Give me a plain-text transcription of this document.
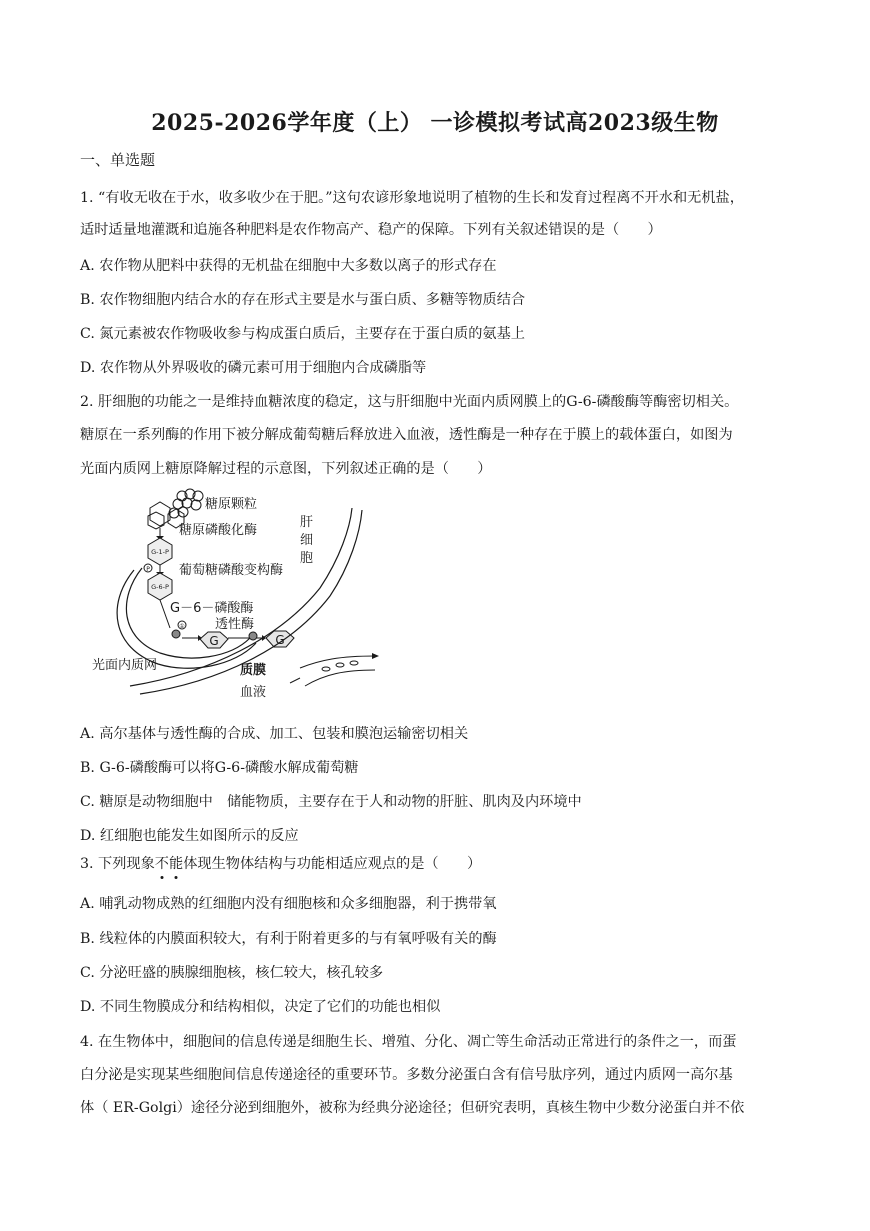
2025-2026学年度（上） 一诊模拟考试高2023级生物
一、单选题
1. “有收无收在于水，收多收少在于肥。”这句农谚形象地说明了植物的生长和发育过程离不开水和无机盐，
适时适量地灌溉和追施各种肥料是农作物高产、稳产的保障。下列有关叙述错误的是（　　）
A. 农作物从肥料中获得的无机盐在细胞中大多数以离子的形式存在
B. 农作物细胞内结合水的存在形式主要是水与蛋白质、多糖等物质结合
C. 氮元素被农作物吸收参与构成蛋白质后，主要存在于蛋白质的氨基上
D. 农作物从外界吸收的磷元素可用于细胞内合成磷脂等
2. 肝细胞的功能之一是维持血糖浓度的稳定，这与肝细胞中光面内质网膜上的G-6-磷酸酶等酶密切相关。
糖原在一系列酶的作用下被分解成葡萄糖后释放进入血液，透性酶是一种存在于膜上的载体蛋白，如图为
光面内质网上糖原降解过程的示意图，下列叙述正确的是（　　）
糖原颗粒
糖原磷酸化酶
G-1-P
P 葡萄糖磷酸变构酶
G-6-P
G－6－磷酸酶
透性酶
①
G	G
肝
细
胞
光面内质网	质膜
血液
A. 高尔基体与透性酶的合成、加工、包装和膜泡运输密切相关
B. G-6-磷酸酶可以将G-6-磷酸水解成葡萄糖
C. 糖原是动物细胞中　储能物质，主要存在于人和动物的肝脏、肌肉及内环境中
D. 红细胞也能发生如图所示的反应
3. 下列现象不能体现生物体结构与功能相适应观点的是（　　）
A. 哺乳动物成熟的红细胞内没有细胞核和众多细胞器，利于携带氧
B. 线粒体的内膜面积较大，有利于附着更多的与有氧呼吸有关的酶
C. 分泌旺盛的胰腺细胞核，核仁较大，核孔较多
D. 不同生物膜成分和结构相似，决定了它们的功能也相似
4. 在生物体中，细胞间的信息传递是细胞生长、增殖、分化、凋亡等生命活动正常进行的条件之一，而蛋
白分泌是实现某些细胞间信息传递途径的重要环节。多数分泌蛋白含有信号肽序列，通过内质网一高尔基
体（ ER-Golgi）途径分泌到细胞外，被称为经典分泌途径；但研究表明，真核生物中少数分泌蛋白并不依
